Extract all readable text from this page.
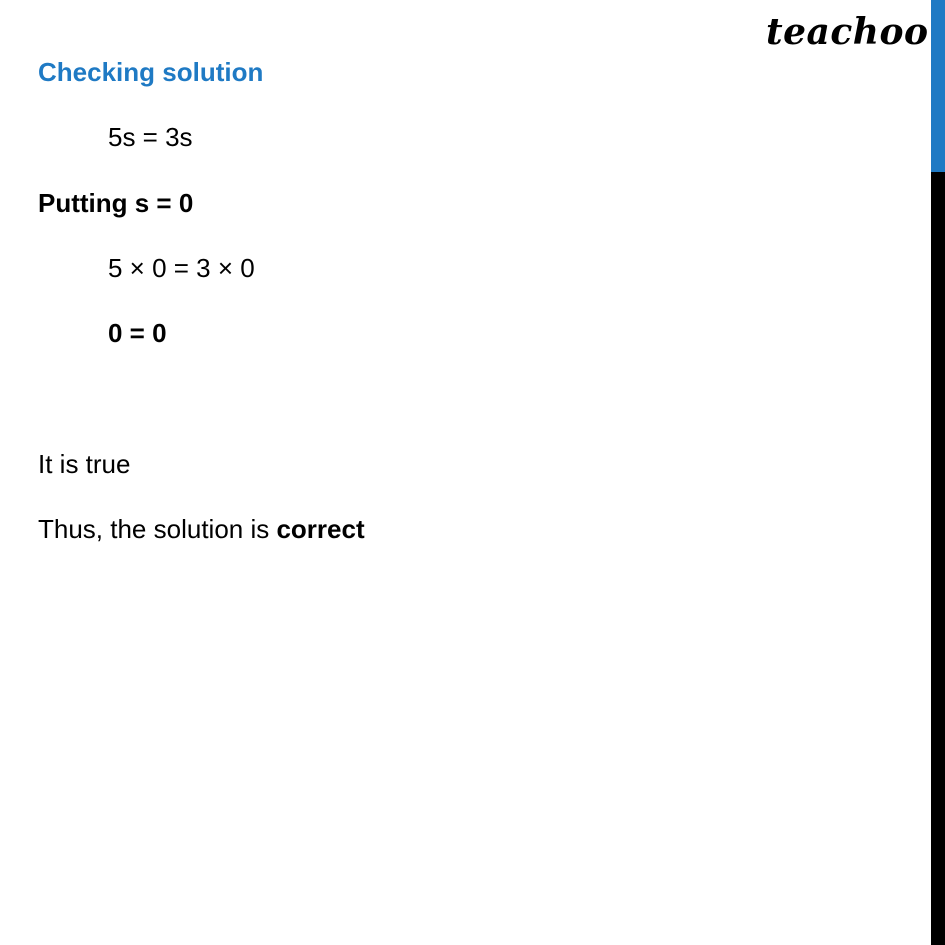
teachoo
Checking solution
5s = 3s
Putting s = 0
5 × 0 = 3 × 0
0 = 0
It is true
Thus, the solution is correct
